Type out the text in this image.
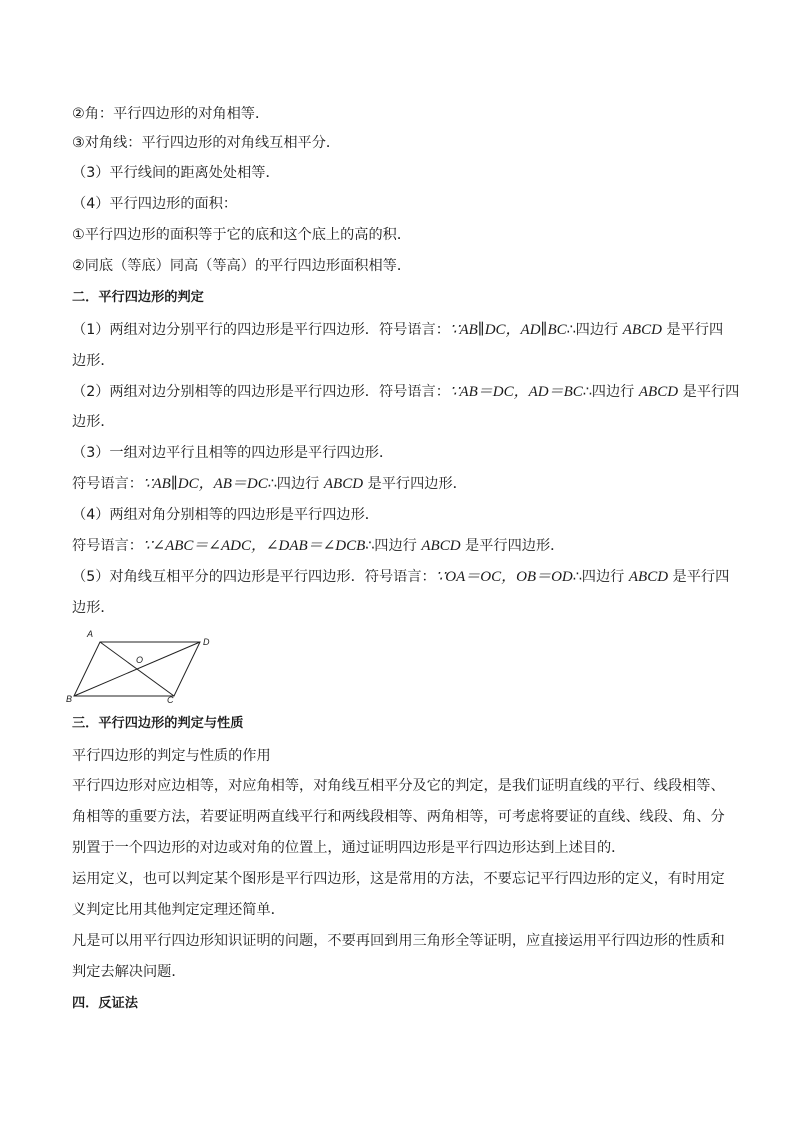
②角：平行四边形的对角相等．
③对角线：平行四边形的对角线互相平分．
（3）平行线间的距离处处相等．
（4）平行四边形的面积：
①平行四边形的面积等于它的底和这个底上的高的积．
②同底（等底）同高（等高）的平行四边形面积相等．
二．平行四边形的判定
（1）两组对边分别平行的四边形是平行四边形．符号语言：∵AB∥DC，AD∥BC∴四边行 ABCD 是平行四
边形．
（2）两组对边分别相等的四边形是平行四边形．符号语言：∵AB＝DC，AD＝BC∴四边行 ABCD 是平行四
边形．
（3）一组对边平行且相等的四边形是平行四边形．
符号语言：∵AB∥DC，AB＝DC∴四边行 ABCD 是平行四边形．
（4）两组对角分别相等的四边形是平行四边形．
符号语言：∵∠ABC＝∠ADC，∠DAB＝∠DCB∴四边行 ABCD 是平行四边形．
（5）对角线互相平分的四边形是平行四边形．符号语言：∵OA＝OC，OB＝OD∴四边行 ABCD 是平行四
边形．
A
D
B	C
O
三．平行四边形的判定与性质
平行四边形的判定与性质的作用
平行四边形对应边相等，对应角相等，对角线互相平分及它的判定，是我们证明直线的平行、线段相等、
角相等的重要方法，若要证明两直线平行和两线段相等、两角相等，可考虑将要证的直线、线段、角、分
别置于一个四边形的对边或对角的位置上，通过证明四边形是平行四边形达到上述目的．
运用定义，也可以判定某个图形是平行四边形，这是常用的方法，不要忘记平行四边形的定义，有时用定
义判定比用其他判定定理还简单．
凡是可以用平行四边形知识证明的问题，不要再回到用三角形全等证明，应直接运用平行四边形的性质和
判定去解决问题．
四．反证法
